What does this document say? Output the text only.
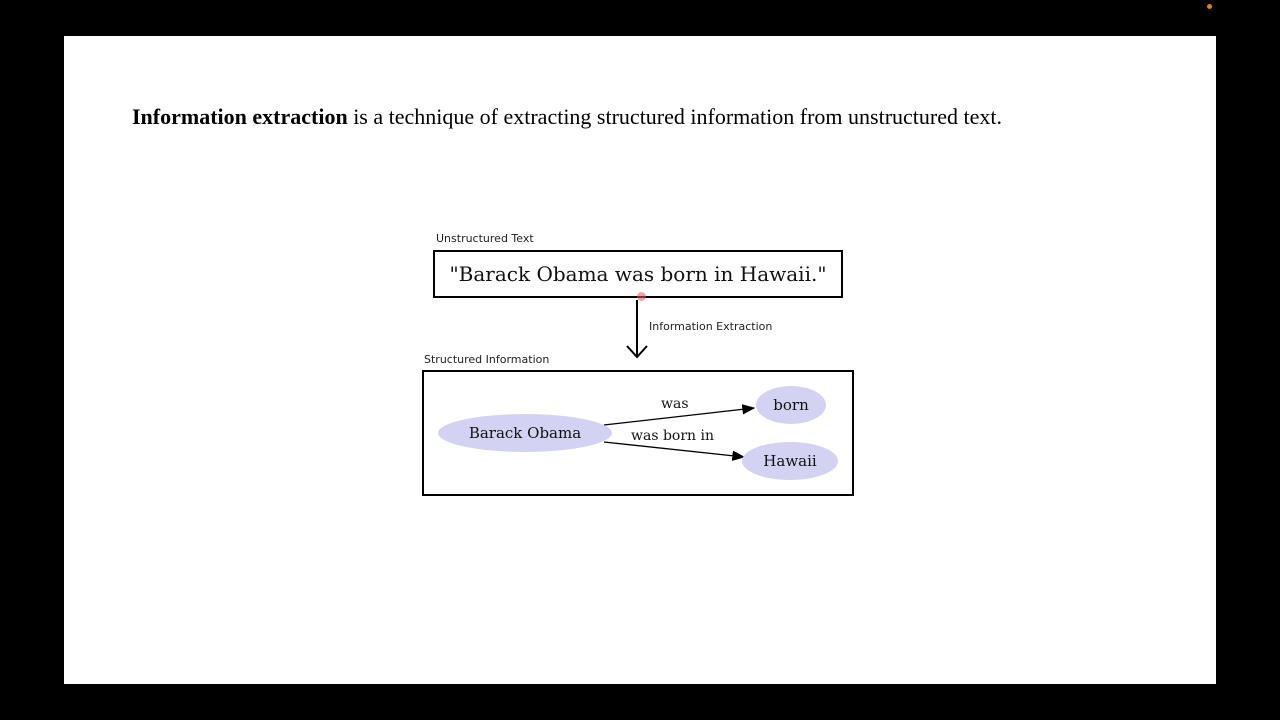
Information extraction is a technique of extracting structured information from unstructured text.

Unstructured Text
"Barack Obama was born in Hawaii."
Information Extraction
Structured Information
Barack Obama
born
Hawaii
was
was born in
